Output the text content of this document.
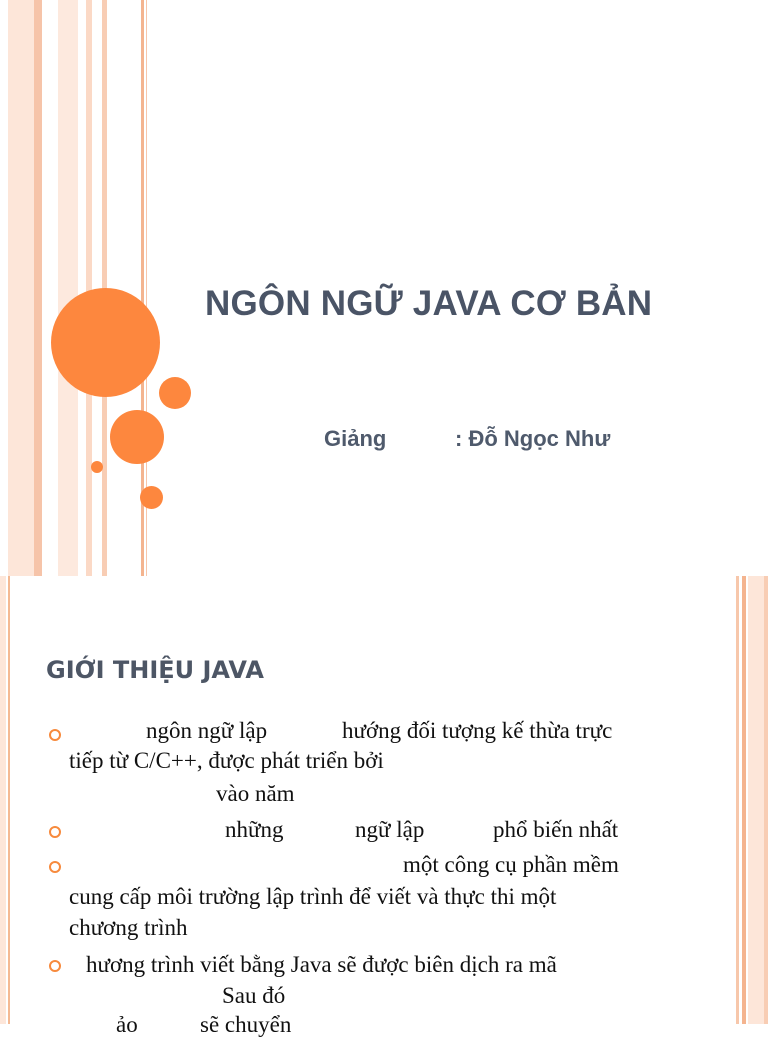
NGÔN NGỮ JAVA CƠ BẢN
Giảng	: Đỗ Ngọc Như
GIỚI THIỆU JAVA
ngôn ngữ lập	hướng đối tượng kế thừa trực
tiếp từ C/C++, được phát triển bởi
vào năm
những	ngữ lập	phổ biến nhất
một công cụ phần mềm
cung cấp môi trường lập trình để viết và thực thi một
chương trình
hương trình viết bằng Java sẽ được biên dịch ra mã
Sau đó
ảo	sẽ chuyển
